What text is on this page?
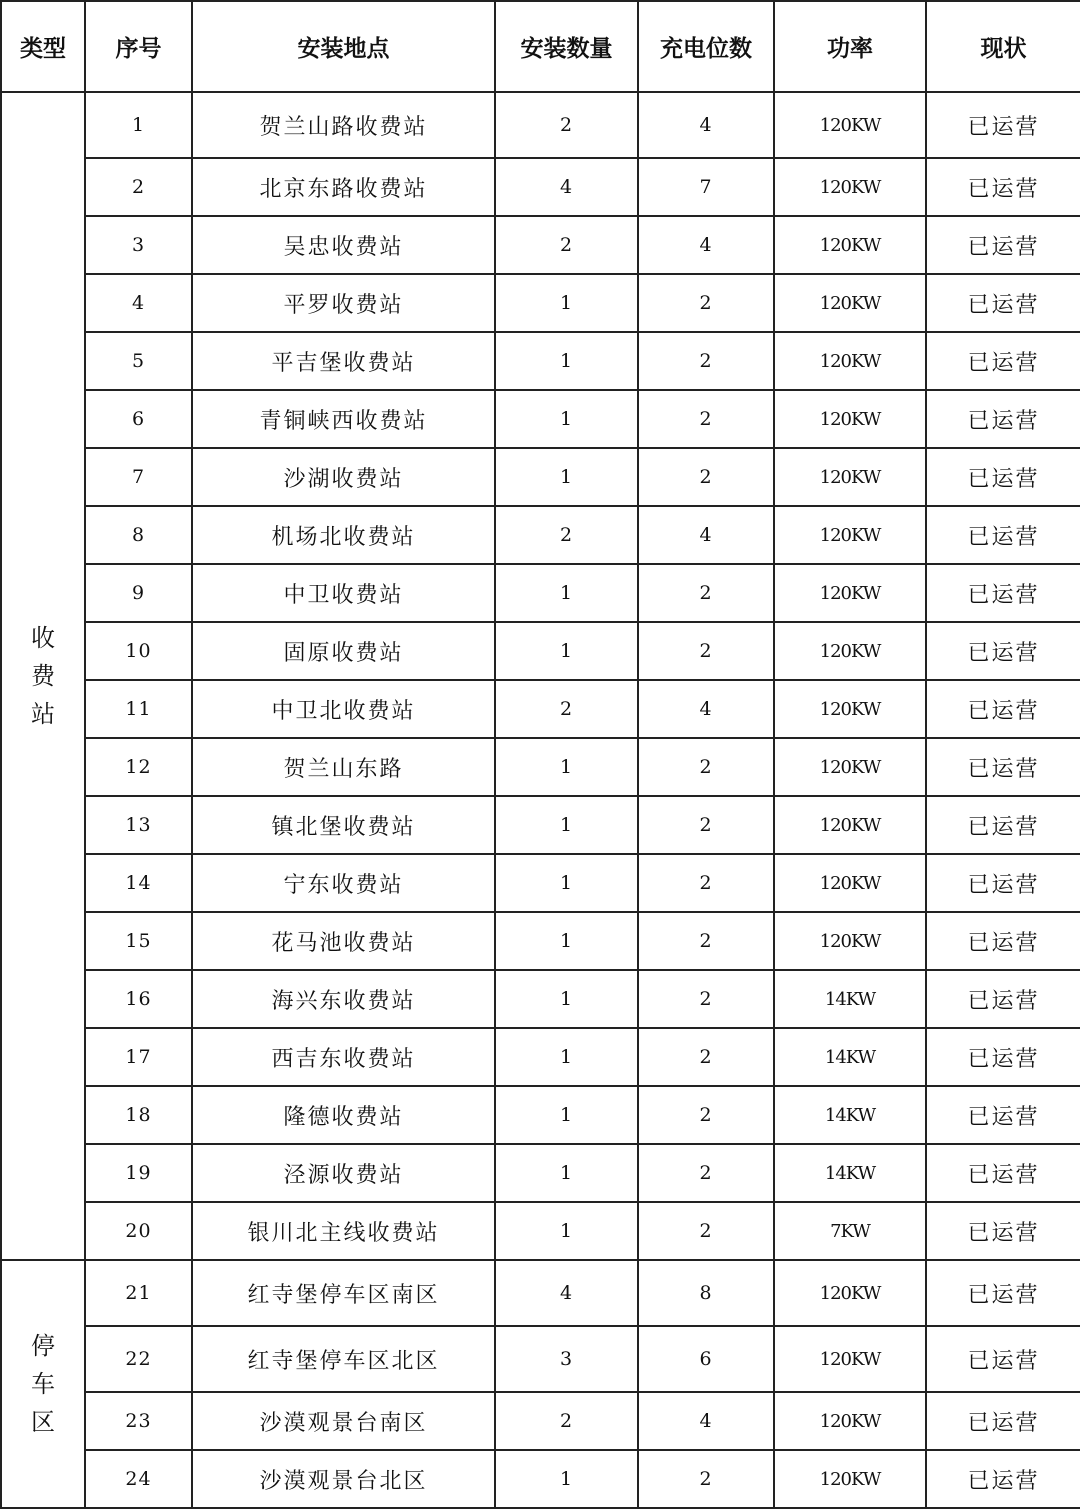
类型	序号	安装地点	安装数量	充电位数	功率	现状
收费站	1	贺兰山路收费站	2	4	120KW	已运营
	2	北京东路收费站	4	7	120KW	已运营
	3	吴忠收费站	2	4	120KW	已运营
	4	平罗收费站	1	2	120KW	已运营
	5	平吉堡收费站	1	2	120KW	已运营
	6	青铜峡西收费站	1	2	120KW	已运营
	7	沙湖收费站	1	2	120KW	已运营
	8	机场北收费站	2	4	120KW	已运营
	9	中卫收费站	1	2	120KW	已运营
	10	固原收费站	1	2	120KW	已运营
	11	中卫北收费站	2	4	120KW	已运营
	12	贺兰山东路	1	2	120KW	已运营
	13	镇北堡收费站	1	2	120KW	已运营
	14	宁东收费站	1	2	120KW	已运营
	15	花马池收费站	1	2	120KW	已运营
	16	海兴东收费站	1	2	14KW	已运营
	17	西吉东收费站	1	2	14KW	已运营
	18	隆德收费站	1	2	14KW	已运营
	19	泾源收费站	1	2	14KW	已运营
	20	银川北主线收费站	1	2	7KW	已运营
停车区	21	红寺堡停车区南区	4	8	120KW	已运营
	22	红寺堡停车区北区	3	6	120KW	已运营
	23	沙漠观景台南区	2	4	120KW	已运营
	24	沙漠观景台北区	1	2	120KW	已运营
